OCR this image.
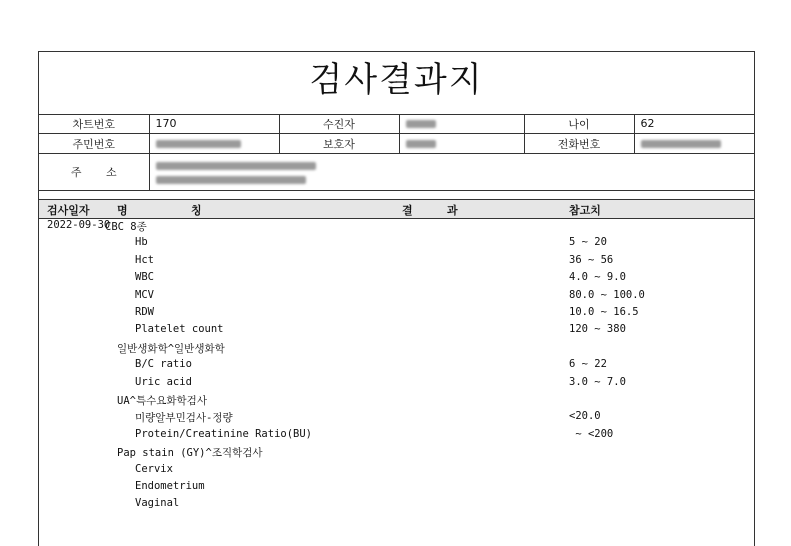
검사결과지
차트번호	170	수진자		나이	62
주민번호		보호자		전화번호	
주       소					
검사일자 명	칭	결	과	참고치
2022-09-30
CBC 8종
Hb	5 ~ 20
Hct	36 ~ 56
WBC	4.0 ~ 9.0
MCV	80.0 ~ 100.0
RDW	10.0 ~ 16.5
Platelet count	120 ~ 380
일반생화학^일반생화학
B/C ratio	6 ~ 22
Uric acid	3.0 ~ 7.0
UA^특수요화학검사
미량알부민검사-정량	<20.0
Protein/Creatinine Ratio(BU)	~ <200
Pap stain (GY)^조직학검사
Cervix
Endometrium
Vaginal
